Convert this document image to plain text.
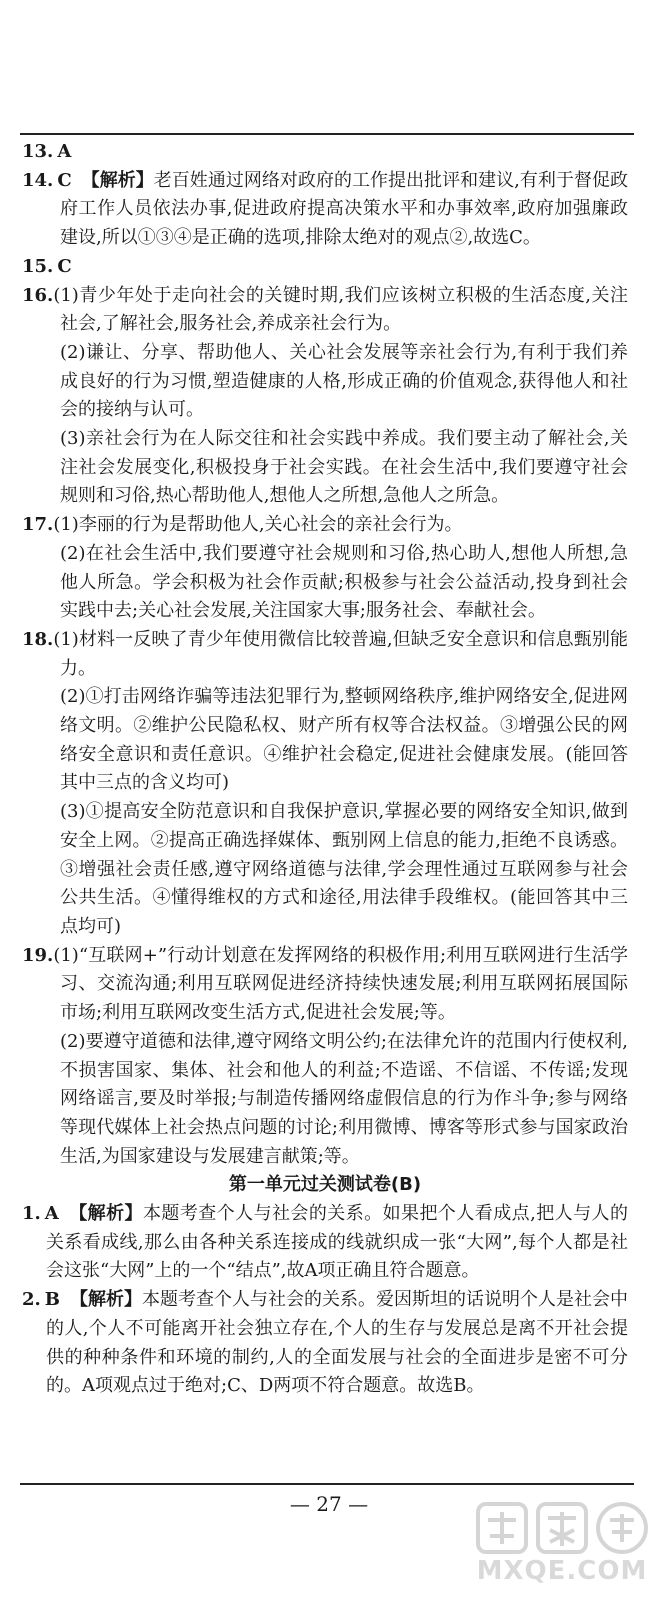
13. A

14. C 【解析】老百姓通过网络对政府的工作提出批评和建议,有利于督促政府工作人员依法办事,促进政府提高决策水平和办事效率,政府加强廉政建设,所以①③④是正确的选项,排除太绝对的观点②,故选C。

15. C

16.(1)青少年处于走向社会的关键时期,我们应该树立积极的生活态度,关注社会,了解社会,服务社会,养成亲社会行为。

(2)谦让、分享、帮助他人、关心社会发展等亲社会行为,有利于我们养成良好的行为习惯,塑造健康的人格,形成正确的价值观念,获得他人和社会的接纳与认可。

(3)亲社会行为在人际交往和社会实践中养成。我们要主动了解社会,关注社会发展变化,积极投身于社会实践。在社会生活中,我们要遵守社会规则和习俗,热心帮助他人,想他人之所想,急他人之所急。

17.(1)李丽的行为是帮助他人,关心社会的亲社会行为。

(2)在社会生活中,我们要遵守社会规则和习俗,热心助人,想他人所想,急他人所急。学会积极为社会作贡献;积极参与社会公益活动,投身到社会实践中去;关心社会发展,关注国家大事;服务社会、奉献社会。

18.(1)材料一反映了青少年使用微信比较普遍,但缺乏安全意识和信息甄别能力。

(2)①打击网络诈骗等违法犯罪行为,整顿网络秩序,维护网络安全,促进网络文明。②维护公民隐私权、财产所有权等合法权益。③增强公民的网络安全意识和责任意识。④维护社会稳定,促进社会健康发展。(能回答其中三点的含义均可)

(3)①提高安全防范意识和自我保护意识,掌握必要的网络安全知识,做到安全上网。②提高正确选择媒体、甄别网上信息的能力,拒绝不良诱惑。③增强社会责任感,遵守网络道德与法律,学会理性通过互联网参与社会公共生活。④懂得维权的方式和途径,用法律手段维权。(能回答其中三点均可)

19.(1)“互联网+”行动计划意在发挥网络的积极作用;利用互联网进行生活学习、交流沟通;利用互联网促进经济持续快速发展;利用互联网拓展国际市场;利用互联网改变生活方式,促进社会发展;等。

(2)要遵守道德和法律,遵守网络文明公约;在法律允许的范围内行使权利,不损害国家、集体、社会和他人的利益;不造谣、不信谣、不传谣;发现网络谣言,要及时举报;与制造传播网络虚假信息的行为作斗争;参与网络等现代媒体上社会热点问题的讨论;利用微博、博客等形式参与国家政治生活,为国家建设与发展建言献策;等。

第一单元过关测试卷(B)

1. A 【解析】本题考查个人与社会的关系。如果把个人看成点,把人与人的关系看成线,那么由各种关系连接成的线就织成一张“大网”,每个人都是社会这张“大网”上的一个“结点”,故A项正确且符合题意。

2. B 【解析】本题考查个人与社会的关系。爱因斯坦的话说明个人是社会中的人,个人不可能离开社会独立存在,个人的生存与发展总是离不开社会提供的种种条件和环境的制约,人的全面发展与社会的全面进步是密不可分的。A项观点过于绝对;C、D两项不符合题意。故选B。

— 27 —
MXQE.COM
